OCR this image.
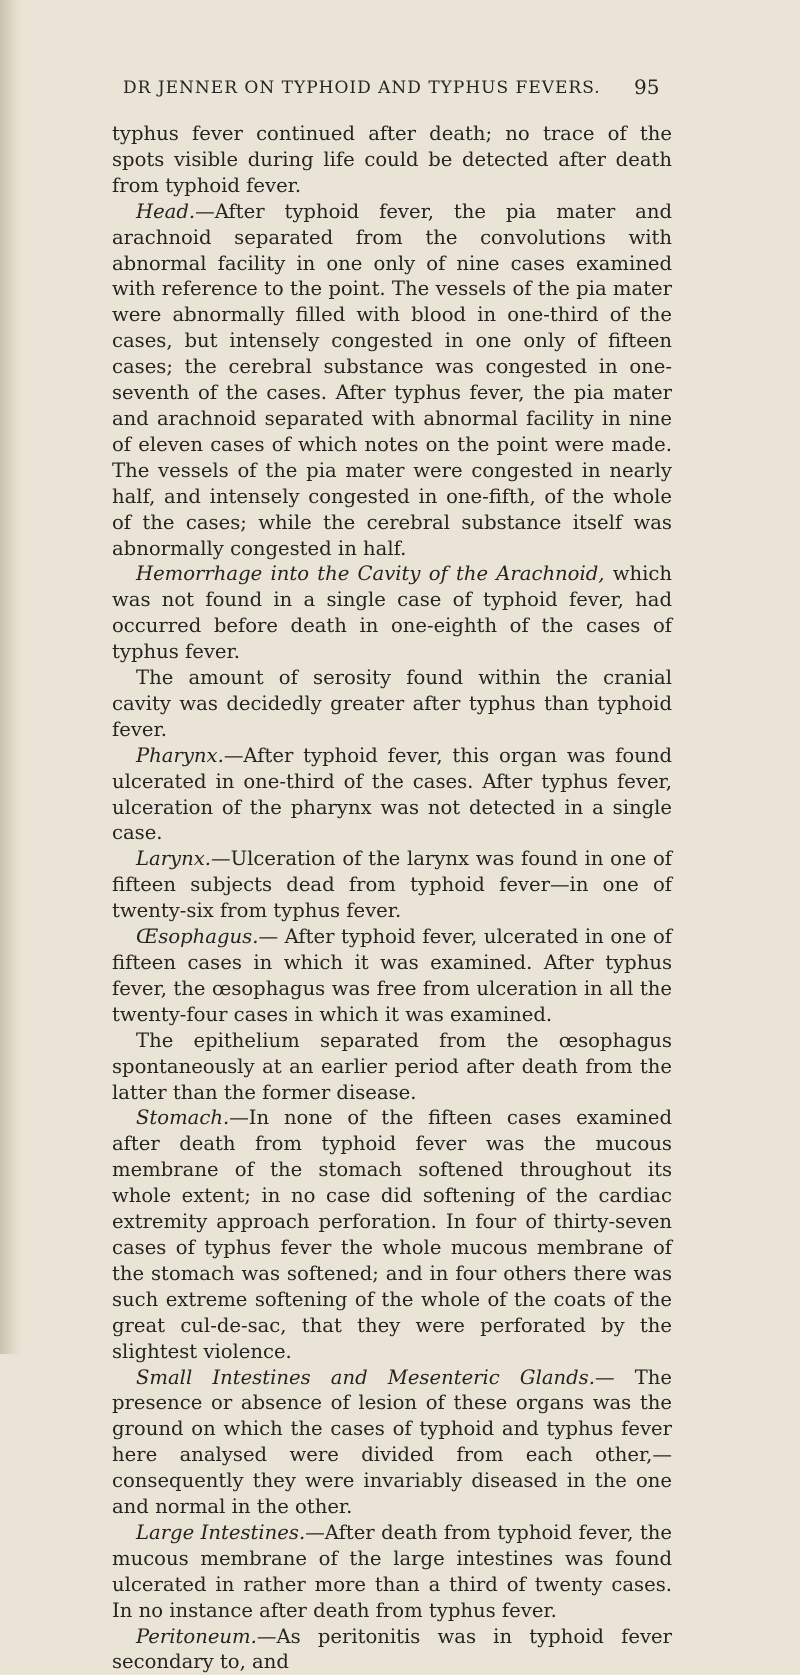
DR JENNER ON TYPHOID AND TYPHUS FEVERS. 95

typhus fever continued after death; no trace of the spots visible during life could be detected after death from typhoid fever.

Head.—After typhoid fever, the pia mater and arachnoid separated from the convolutions with abnormal facility in one only of nine cases examined with reference to the point. The vessels of the pia mater were abnormally filled with blood in one-third of the cases, but intensely congested in one only of fifteen cases; the cerebral substance was congested in one-seventh of the cases. After typhus fever, the pia mater and arachnoid separated with abnormal facility in nine of eleven cases of which notes on the point were made. The vessels of the pia mater were congested in nearly half, and intensely congested in one-fifth, of the whole of the cases; while the cerebral substance itself was abnormally congested in half.

Hemorrhage into the Cavity of the Arachnoid, which was not found in a single case of typhoid fever, had occurred before death in one-eighth of the cases of typhus fever.

The amount of serosity found within the cranial cavity was decidedly greater after typhus than typhoid fever.

Pharynx.—After typhoid fever, this organ was found ulcerated in one-third of the cases. After typhus fever, ulceration of the pharynx was not detected in a single case.

Larynx.—Ulceration of the larynx was found in one of fifteen subjects dead from typhoid fever—in one of twenty-six from typhus fever.

Œsophagus.— After typhoid fever, ulcerated in one of fifteen cases in which it was examined. After typhus fever, the œsophagus was free from ulceration in all the twenty-four cases in which it was examined.

The epithelium separated from the œsophagus spontaneously at an earlier period after death from the latter than the former disease.

Stomach.—In none of the fifteen cases examined after death from typhoid fever was the mucous membrane of the stomach softened throughout its whole extent; in no case did softening of the cardiac extremity approach perforation. In four of thirty-seven cases of typhus fever the whole mucous membrane of the stomach was softened; and in four others there was such extreme softening of the whole of the coats of the great cul-de-sac, that they were perforated by the slightest violence.

Small Intestines and Mesenteric Glands.— The presence or absence of lesion of these organs was the ground on which the cases of typhoid and typhus fever here analysed were divided from each other,—consequently they were invariably diseased in the one and normal in the other.

Large Intestines.—After death from typhoid fever, the mucous membrane of the large intestines was found ulcerated in rather more than a third of twenty cases. In no instance after death from typhus fever.

Peritoneum.—As peritonitis was in typhoid fever secondary to, and
